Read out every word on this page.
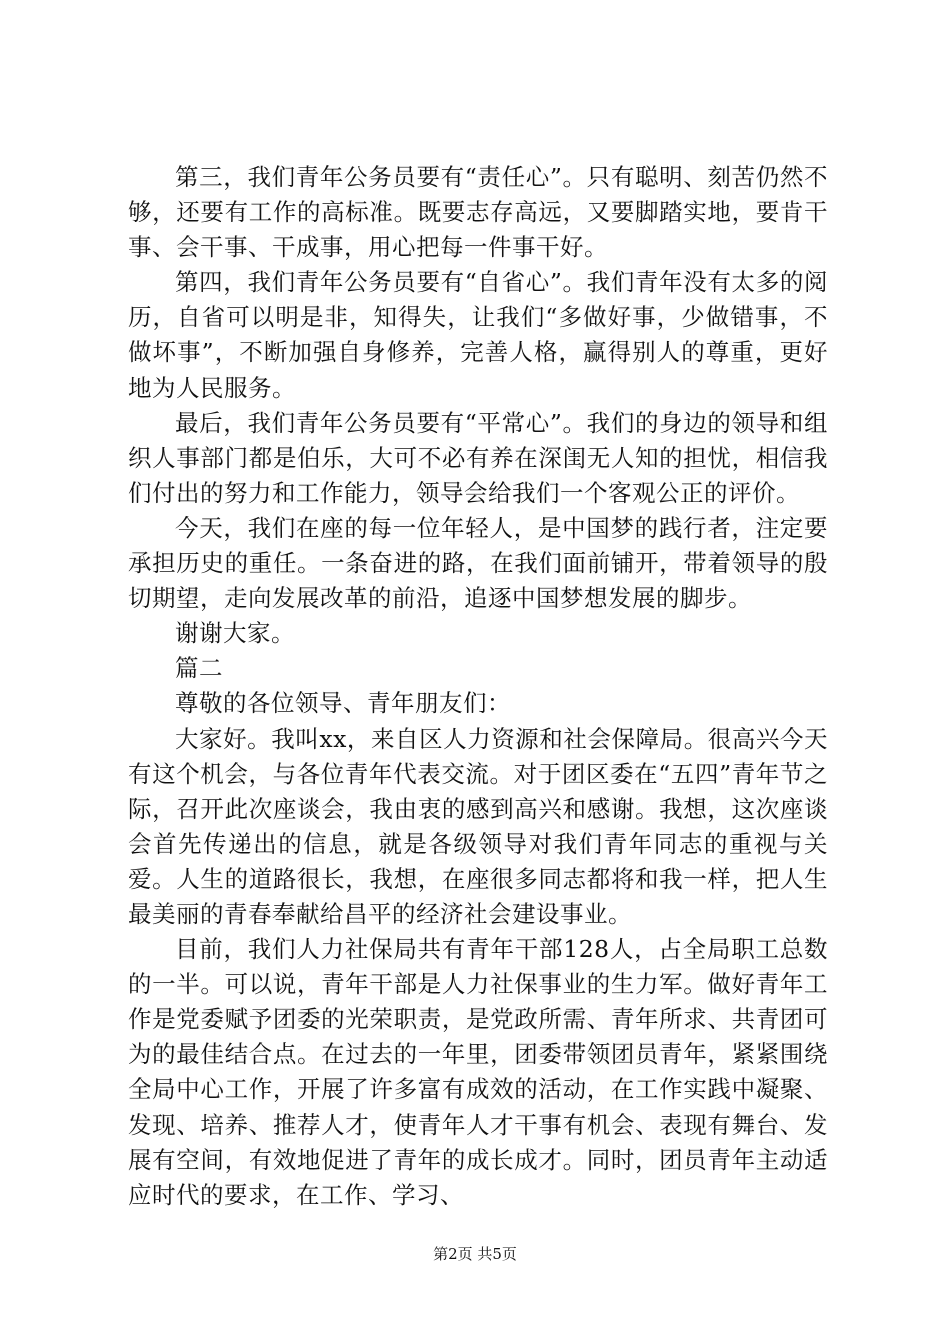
第三，我们青年公务员要有“责任心”。只有聪明、刻苦仍然不够，还要有工作的高标准。既要志存高远，又要脚踏实地，要肯干事、会干事、干成事，用心把每一件事干好。

第四，我们青年公务员要有“自省心”。我们青年没有太多的阅历，自省可以明是非，知得失，让我们“多做好事，少做错事，不做坏事”，不断加强自身修养，完善人格，赢得别人的尊重，更好地为人民服务。

最后，我们青年公务员要有“平常心”。我们的身边的领导和组织人事部门都是伯乐，大可不必有养在深闺无人知的担忧，相信我们付出的努力和工作能力，领导会给我们一个客观公正的评价。

今天，我们在座的每一位年轻人，是中国梦的践行者，注定要承担历史的重任。一条奋进的路，在我们面前铺开，带着领导的殷切期望，走向发展改革的前沿，追逐中国梦想发展的脚步。

谢谢大家。

篇二

尊敬的各位领导、青年朋友们：

大家好。我叫xx，来自区人力资源和社会保障局。很高兴今天有这个机会，与各位青年代表交流。对于团区委在“五四”青年节之际，召开此次座谈会，我由衷的感到高兴和感谢。我想，这次座谈会首先传递出的信息，就是各级领导对我们青年同志的重视与关爱。人生的道路很长，我想，在座很多同志都将和我一样，把人生最美丽的青春奉献给昌平的经济社会建设事业。

目前，我们人力社保局共有青年干部128人，占全局职工总数的一半。可以说，青年干部是人力社保事业的生力军。做好青年工作是党委赋予团委的光荣职责，是党政所需、青年所求、共青团可为的最佳结合点。在过去的一年里，团委带领团员青年，紧紧围绕全局中心工作，开展了许多富有成效的活动，在工作实践中凝聚、发现、培养、推荐人才，使青年人才干事有机会、表现有舞台、发展有空间，有效地促进了青年的成长成才。同时，团员青年主动适应时代的要求，在工作、学习、

第2页 共5页
